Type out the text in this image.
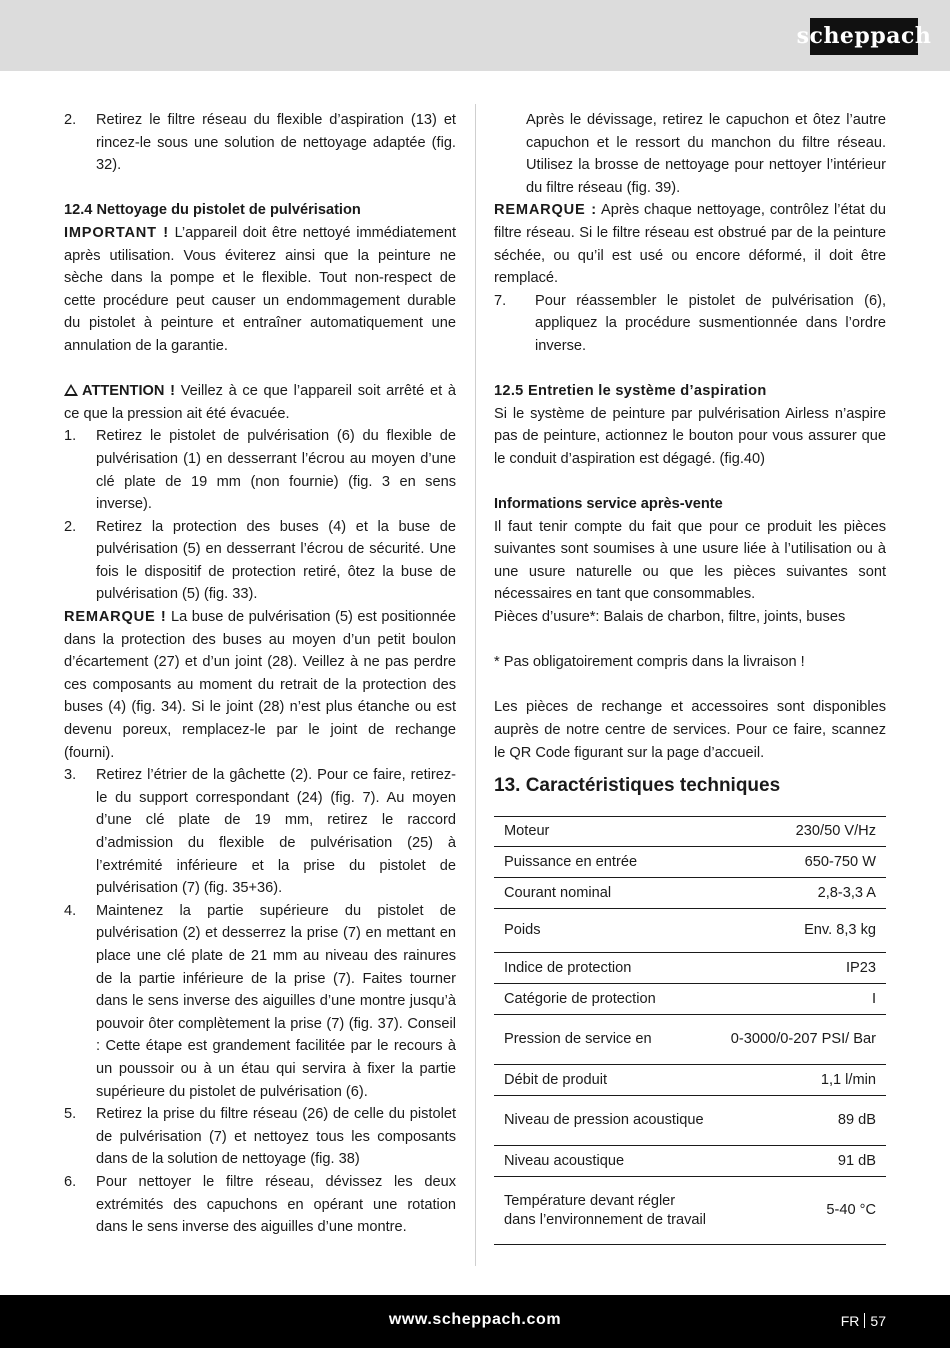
scheppach
2.	Retirez le filtre réseau du flexible d’aspiration (13) et rincez-le sous une solution de nettoyage adaptée (fig. 32).
12.4 Nettoyage du pistolet de pulvérisation

IMPORTANT ! L’appareil doit être nettoyé immédiatement après utilisation. Vous éviterez ainsi que la peinture ne sèche dans la pompe et le flexible. Tout non-respect de cette procédure peut causer un endommagement durable du pistolet à peinture et entraîner automatiquement une annulation de la garantie.

ATTENTION ! Veillez à ce que l’appareil soit arrêté et à ce que la pression ait été évacuée.

1.	Retirez le pistolet de pulvérisation (6) du flexible de pulvérisation (1) en desserrant l’écrou au moyen d’une clé plate de 19 mm (non fournie) (fig. 3 en sens inverse).
2.	Retirez la protection des buses (4) et la buse de pulvérisation (5) en desserrant l’écrou de sécurité. Une fois le dispositif de protection retiré, ôtez la buse de pulvérisation (5) (fig. 33).

REMARQUE ! La buse de pulvérisation (5) est positionnée dans la protection des buses au moyen d’un petit boulon d’écartement (27) et d’un joint (28). Veillez à ne pas perdre ces composants au moment du retrait de la protection des buses (4) (fig. 34). Si le joint (28) n’est plus étanche ou est devenu poreux, remplacez-le par le joint de rechange (fourni).

3.	Retirez l’étrier de la gâchette (2). Pour ce faire, retirez-le du support correspondant (24) (fig. 7). Au moyen d’une clé plate de 19 mm, retirez le raccord d’admission du flexible de pulvérisation (25) à l’extrémité inférieure et la prise du pistolet de pulvérisation (7) (fig. 35+36).
4.	Maintenez la partie supérieure du pistolet de pulvérisation (2) et desserrez la prise (7) en mettant en place une clé plate de 21 mm au niveau des rainures de la partie inférieure de la prise (7). Faites tourner dans le sens inverse des aiguilles d’une montre jusqu’à pouvoir ôter complètement la prise (7) (fig. 37). Conseil : Cette étape est grandement facilitée par le recours à un poussoir ou à un étau qui servira à fixer la partie supérieure du pistolet de pulvérisation (6).
5.	Retirez la prise du filtre réseau (26) de celle du pistolet de pulvérisation (7) et nettoyez tous les composants dans de la solution de nettoyage (fig. 38)
6.	Pour nettoyer le filtre réseau, dévissez les deux extrémités des capuchons en opérant une rotation dans le sens inverse des aiguilles d’une montre.

Après le dévissage, retirez le capuchon et ôtez l’autre capuchon et le ressort du manchon du filtre réseau. Utilisez la brosse de nettoyage pour nettoyer l’intérieur du filtre réseau (fig. 39).

REMARQUE : Après chaque nettoyage, contrôlez l’état du filtre réseau. Si le filtre réseau est obstrué par de la peinture séchée, ou qu’il est usé ou encore déformé, il doit être remplacé.

7.	Pour réassembler le pistolet de pulvérisation (6), appliquez la procédure susmentionnée dans l’ordre inverse.
12.5 Entretien le système d’aspiration

Si le système de peinture par pulvérisation Airless n’aspire pas de peinture, actionnez le bouton pour vous assurer que le conduit d’aspiration est dégagé. (fig.40)

Informations service après-vente

Il faut tenir compte du fait que pour ce produit les pièces suivantes sont soumises à une usure liée à l’utilisation ou à une usure naturelle ou que les pièces suivantes sont nécessaires en tant que consommables.

Pièces d’usure*: Balais de charbon, filtre, joints, buses

* Pas obligatoirement compris dans la livraison !

Les pièces de rechange et accessoires sont disponibles auprès de notre centre de services. Pour ce faire, scannez le QR Code figurant sur la page d’accueil.

13. Caractéristiques techniques
Moteur	230/50 V/Hz
Puissance en entrée	650-750 W
Courant nominal	2,8-3,3 A
Poids	Env. 8,3 kg
Indice de protection	IP23
Catégorie de protection	I
Pression de service en	0-3000/0-207 PSI/ Bar
Débit de produit	1,1 l/min
Niveau de pression acoustique	89 dB
Niveau acoustique	91 dB
Température devant régler dans l’environnement de travail	5-40 °C
www.scheppach.com	FR 57
